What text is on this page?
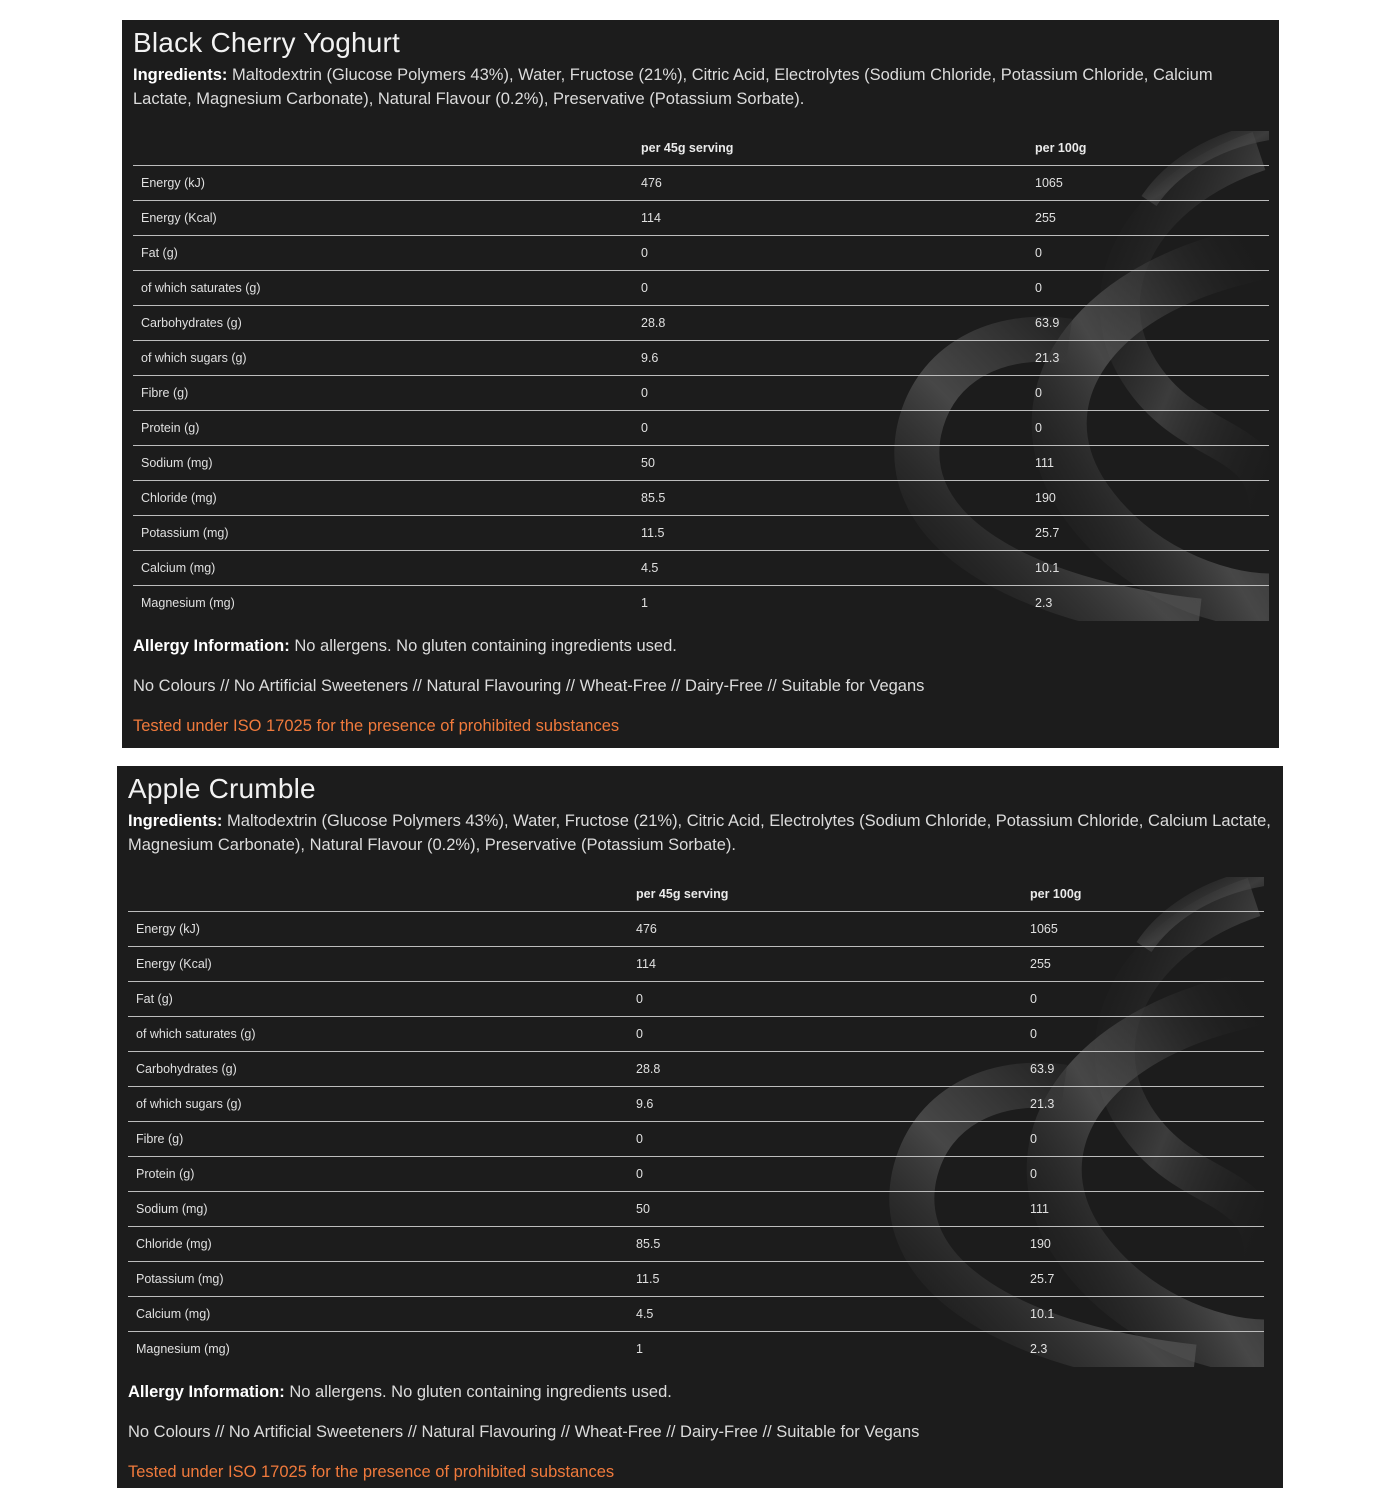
Black Cherry Yoghurt

Ingredients: Maltodextrin (Glucose Polymers 43%), Water, Fructose (21%), Citric Acid, Electrolytes (Sodium Chloride, Potassium Chloride, Calcium Lactate, Magnesium Carbonate), Natural Flavour (0.2%), Preservative (Potassium Sorbate).

	per 45g serving	per 100g
Energy (kJ)	476	1065
Energy (Kcal)	114	255
Fat (g)	0	0
of which saturates (g)	0	0
Carbohydrates (g)	28.8	63.9
of which sugars (g)	9.6	21.3
Fibre (g)	0	0
Protein (g)	0	0
Sodium (mg)	50	111
Chloride (mg)	85.5	190
Potassium (mg)	11.5	25.7
Calcium (mg)	4.5	10.1
Magnesium (mg)	1	2.3

Allergy Information: No allergens. No gluten containing ingredients used.

No Colours // No Artificial Sweeteners // Natural Flavouring // Wheat-Free // Dairy-Free // Suitable for Vegans

Tested under ISO 17025 for the presence of prohibited substances

Apple Crumble

Ingredients: Maltodextrin (Glucose Polymers 43%), Water, Fructose (21%), Citric Acid, Electrolytes (Sodium Chloride, Potassium Chloride, Calcium Lactate, Magnesium Carbonate), Natural Flavour (0.2%), Preservative (Potassium Sorbate).

	per 45g serving	per 100g
Energy (kJ)	476	1065
Energy (Kcal)	114	255
Fat (g)	0	0
of which saturates (g)	0	0
Carbohydrates (g)	28.8	63.9
of which sugars (g)	9.6	21.3
Fibre (g)	0	0
Protein (g)	0	0
Sodium (mg)	50	111
Chloride (mg)	85.5	190
Potassium (mg)	11.5	25.7
Calcium (mg)	4.5	10.1
Magnesium (mg)	1	2.3

Allergy Information: No allergens. No gluten containing ingredients used.

No Colours // No Artificial Sweeteners // Natural Flavouring // Wheat-Free // Dairy-Free // Suitable for Vegans

Tested under ISO 17025 for the presence of prohibited substances
